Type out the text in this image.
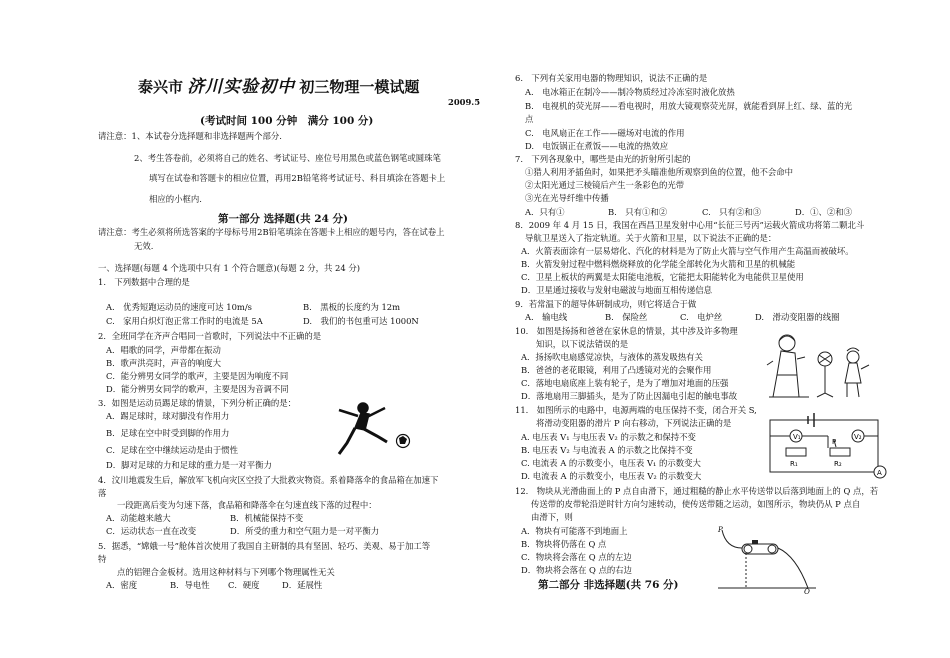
泰兴市 济川实验初中 初三物理一模试题
2009.5
(考试时间 100 分钟　满分 100 分)
请注意：1、本试卷分选择题和非选择题两个部分.
2、考生答卷前，必须将自己的姓名、考试证号、座位号用黑色或蓝色钢笔或圆珠笔
填写在试卷和答题卡的相应位置，再用2B铅笔将考试证号、科目填涂在答题卡上
相应的小框内.
第一部分 选择题(共 24 分)
请注意：考生必须将所选答案的字母标号用2B铅笔填涂在答题卡上相应的题号内，答在试卷上
无效.
一、选择题(每题 4 个选项中只有 1 个符合题意)(每题 2 分，共 24 分)
1.　下列数据中合理的是
A.　优秀短跑运动员的速度可达 10m/s	B.　黑板的长度约为 12m
C.　家用白炽灯泡正常工作时的电流是 5A	D.　我们的书包重可达 1000N
2．全班同学在齐声合唱同一首歌时，下列说法中不正确的是
A．唱歌的同学，声带都在振动
B．歌声洪亮时，声音的响度大
C．能分辨男女同学的歌声，主要是因为响度不同
D．能分辨男女同学的歌声，主要是因为音调不同
3．如图是运动员踢足球的情景，下列分析正确的是：
A．踢足球时，球对脚没有作用力
B．足球在空中时受到脚的作用力
C．足球在空中继续运动是由于惯性
D．脚对足球的力和足球的重力是一对平衡力
4．汶川地震发生后，解放军飞机向灾区空投了大批救灾物资。系着降落伞的食品箱在加速下
落
一段距离后变为匀速下落，食品箱和降落伞在匀速直线下落的过程中：
A．动能越来越大	B．机械能保持不变
C．运动状态一直在改变	D．所受的重力和空气阻力是一对平衡力
5．据悉，“嫦娥一号”舱体首次使用了我国自主研制的具有坚固、轻巧、美观、易于加工等
特
点的铝锂合金板材。选用这种材料与下列哪个物理属性无关
A．密度	B．导电性 C．硬度	D．延展性
6.　下列有关家用电器的物理知识，说法不正确的是
A.　电冰箱正在制冷——制冷物质经过冷冻室时液化放热
B.　电视机的荧光屏——看电视时，用放大镜观察荧光屏，就能看到屏上红、绿、蓝的光
点
C.　电风扇正在工作——磁场对电流的作用
D.　电饭锅正在煮饭——电流的热效应
7.　下列各现象中，哪些是由光的折射所引起的
①猎人利用矛插鱼时，如果把矛头瞄准他所观察到鱼的位置，他不会命中
②太阳光通过三棱镜后产生一条彩色的光带
③光在光导纤维中传播
A．只有①	B.　只有①和②	C.　只有②和③	D．①、②和③
8．2009 年 4 月 15 日，我国在西昌卫星发射中心用“长征三号丙”运载火箭成功将第二颗北斗
导航卫星送入了指定轨道。关于火箭和卫星，以下说法不正确的是：
A．火箭表面涂有一层易熔化、汽化的材料是为了防止火箭与空气作用产生高温而被破坏。
B．火箭发射过程中燃料燃烧释放的化学能全部转化为火箭和卫星的机械能
C．卫星上板状的两翼是太阳能电池板，它能把太阳能转化为电能供卫星使用
D．卫星通过接收与发射电磁波与地面互相传递信息
9．若常温下的超导体研制成功，则它将适合于做
A.　输电线	B.　保险丝	C.　电炉丝	D.　滑动变阻器的线圈
10.　如图是扬扬和爸爸在家休息的情景，其中涉及许多物理
知识，以下说法错误的是
A．扬扬吹电扇感觉凉快，与液体的蒸发吸热有关
B．爸爸的老花眼镜，利用了凸透镜对光的会聚作用
C．落地电扇底座上装有轮子，是为了增加对地面的压强
D．落地扇用三脚插头，是为了防止因漏电引起的触电事故
11.　如图所示的电路中，电源两端的电压保持不变，闭合开关 S,
将滑动变阻器的滑片 P 向右移动，下列说法正确的是
A. 电压表 V₁ 与电压表 V₂ 的示数之和保持不变
B. 电压表 V₂ 与电流表 A 的示数之比保持不变
C. 电流表 A 的示数变小，电压表 V₁ 的示数变大
D. 电流表 A 的示数变小，电压表 V₂ 的示数变大
V₁	V₂
P
R₁	R₂
A
12.　物块从光滑曲面上的 P 点自由滑下，通过粗糙的静止水平传送带以后落到地面上的 Q 点，若
传送带的皮带轮沿逆时针方向匀速转动，使传送带随之运动，如图所示，物块仍从 P 点自
由滑下，则
A．物块有可能落不到地面上
B．物块将仍落在 Q 点
C．物块将会落在 Q 点的左边
D．物块将会落在 Q 点的右边
P
Q
第二部分 非选择题(共 76 分)
